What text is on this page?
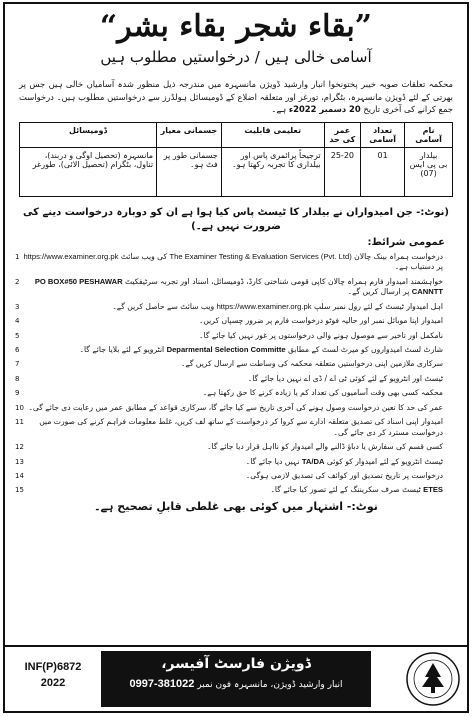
“بقاء شجر بقاء بشر”
آسامی خالی ہیں / درخواستیں مطلوب ہیں
محکمہ تعلقات صوبہ خیبر پختونخوا انبار وارشید ڈویژن مانسہرہ میں مندرجہ ذیل منظور شدہ آسامیاں خالی ہیں جس پر بھرتی کے لئے ڈویژن مانسہرہ، بٹگرام، تورغر اور متعلقہ اضلاع کے ڈومیسائل ہولڈرز سے درخواستیں مطلوب ہیں۔ درخواست جمع کرانے کی آخری تاریخ 20 دسمبر 2022ء ہے۔
نام آسامی	تعداد آسامی	عمر کی حد	تعلیمی قابلیت	جسمانی معیار	ڈومیسائل

بیلدار
بی پی ایس (07)	01	25-20	ترجیحاً پرائمری پاس اور بیلداری کا تجربہ رکھتا ہو۔	جسمانی طور پر فٹ ہو۔	مانسہرہ (تحصیل اوگی و دربند)، تناول، بٹگرام (تحصیل الائی)، طورغر
(نوٹ:- جن امیدواران نے بیلدار کا ٹیسٹ پاس کیا ہوا ہے ان کو دوبارہ درخواست دینے کی ضرورت نہیں ہے۔)
عمومی شرائط:
1	درخواست ہمراہ بینک چالان The Examiner Testing & Evaluation Services (Pvt. Ltd) کی ویب سائٹ https://www.examiner.org.pk پر دستیاب ہے۔
2	خواہشمند امیدوار فارم ہمراہ چالان کاپی قومی شناختی کارڈ، ڈومیسائل، اسناد اور تجربہ سرٹیفکیٹ PO BOX#50 PESHAWAR CANNTT پر ارسال کریں گے۔
3	اہل امیدوار ٹیسٹ کے لئے رول نمبر سلپ https://www.examiner.org.pk ویب سائٹ سے حاصل کریں گے۔
4	امیدوار اپنا موبائل نمبر اور حالیہ فوٹو درخواست فارم پر ضرور چسپاں کریں۔
5	نامکمل اور تاخیر سے موصول ہونے والی درخواستوں پر غور نہیں کیا جائے گا۔
6	شارٹ لسٹ امیدواروں کو میرٹ لسٹ کے مطابق Deparmental Selection Committe انٹرویو کے لئے بلایا جائے گا۔
7	سرکاری ملازمین اپنی درخواستیں متعلقہ محکمہ کی وساطت سے ارسال کریں گے۔
8	ٹیسٹ اور انٹرویو کے لئے کوئی ٹی اے / ڈی اے نہیں دیا جائے گا۔
9	محکمہ کسی بھی وقت آسامیوں کی تعداد کم یا زیادہ کرنے کا حق رکھتا ہے۔
10 عمر کی حد کا تعین درخواست وصول ہونے کی آخری تاریخ سے کیا جائے گا، سرکاری قواعد کے مطابق عمر میں رعایت دی جائے گی۔
11 امیدوار اپنی اسناد کی تصدیق متعلقہ ادارے سے کروا کر درخواست کے ساتھ لف کریں، غلط معلومات فراہم کرنے کی صورت میں درخواست مسترد کر دی جائے گی۔
12	کسی قسم کی سفارش یا دباؤ ڈالنے والے امیدوار کو نااہل قرار دیا جائے گا۔
13	ٹیسٹ انٹرویو کے لئے امیدوار کو کوئی TA/DA نہیں دیا جائے گا۔
14	درخواست پر تاریخ تصدیق اور کوائف کی تصدیق لازمی ہوگی۔
15	ETES ٹیسٹ صرف سکریننگ کے لئے تصور کیا جائے گا۔
نوٹ:- اشتہار میں کوئی بھی غلطی قابلِ تصحیح ہے۔
INF(P)6872
2022
ڈویژن فارسٹ آفیسر،
انبار وارشید ڈویژن، مانسہرہ فون نمبر 0997-381022
